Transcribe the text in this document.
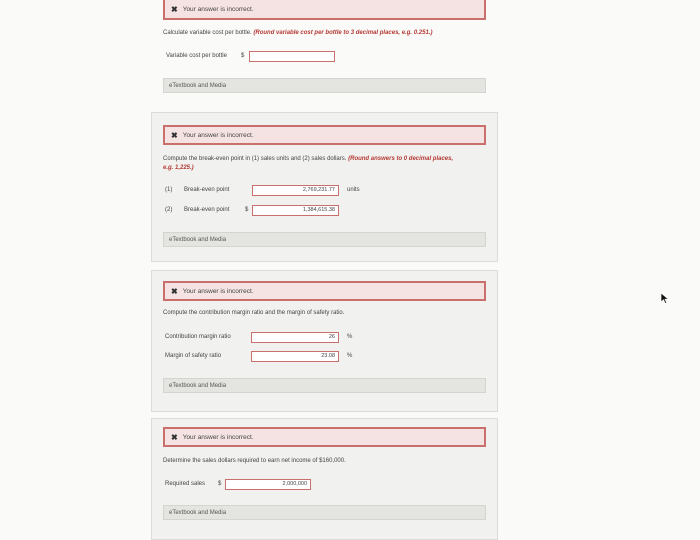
✖ Your answer is incorrect.
Calculate variable cost per bottle. (Round variable cost per bottle to 3 decimal places, e.g. 0.251.)
Variable cost per bottle $
eTextbook and Media
✖ Your answer is incorrect.
Compute the break-even point in (1) sales units and (2) sales dollars. (Round answers to 0 decimal places,
e.g. 1,225.)
(1) Break-even point	2,769,231.77	units
(2) Break-even point	$	1,384,615.38
eTextbook and Media
✖ Your answer is incorrect.
Compute the contribution margin ratio and the margin of safety ratio.
Contribution margin ratio	26	%
Margin of safety ratio	23.08	%
eTextbook and Media
✖ Your answer is incorrect.
Determine the sales dollars required to earn net income of $160,000.
Required sales $	2,000,000
eTextbook and Media
